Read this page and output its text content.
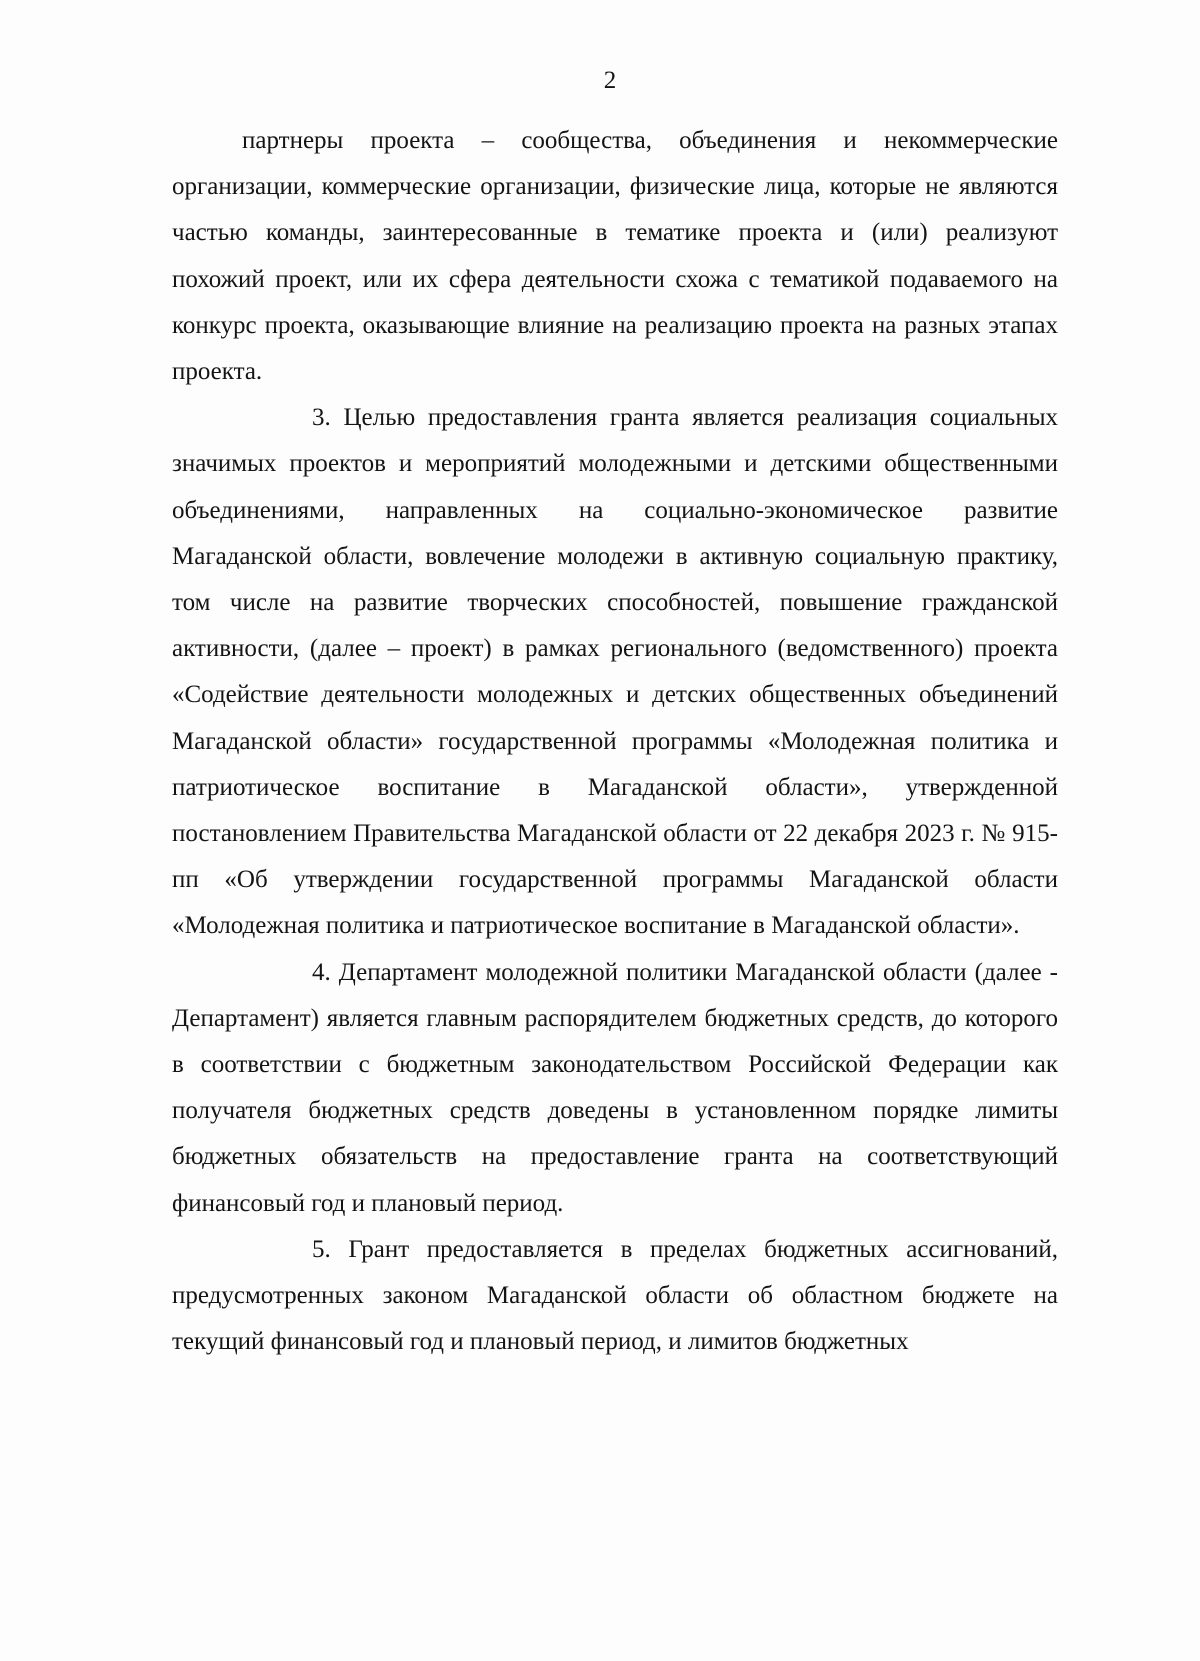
2

партнеры проекта – сообщества, объединения и некоммерческие организации, коммерческие организации, физические лица, которые не являются частью команды, заинтересованные в тематике проекта и (или) реализуют похожий проект, или их сфера деятельности схожа с тематикой подаваемого на конкурс проекта, оказывающие влияние на реализацию проекта на разных этапах проекта.

3. Целью предоставления гранта является реализация социальных значимых проектов и мероприятий молодежными и детскими общественными объединениями, направленных на социально-экономическое развитие Магаданской области, вовлечение молодежи в активную социальную практику, том числе на развитие творческих способностей, повышение гражданской активности, (далее – проект) в рамках регионального (ведомственного) проекта «Содействие деятельности молодежных и детских общественных объединений Магаданской области» государственной программы «Молодежная политика и патриотическое воспитание в Магаданской области», утвержденной постановлением Правительства Магаданской области от 22 декабря 2023 г. № 915-пп «Об утверждении государственной программы Магаданской области «Молодежная политика и патриотическое воспитание в Магаданской области».

4. Департамент молодежной политики Магаданской области (далее - Департамент) является главным распорядителем бюджетных средств, до которого в соответствии с бюджетным законодательством Российской Федерации как получателя бюджетных средств доведены в установленном порядке лимиты бюджетных обязательств на предоставление гранта на соответствующий финансовый год и плановый период.

5. Грант предоставляется в пределах бюджетных ассигнований, предусмотренных законом Магаданской области об областном бюджете на текущий финансовый год и плановый период, и лимитов бюджетных
